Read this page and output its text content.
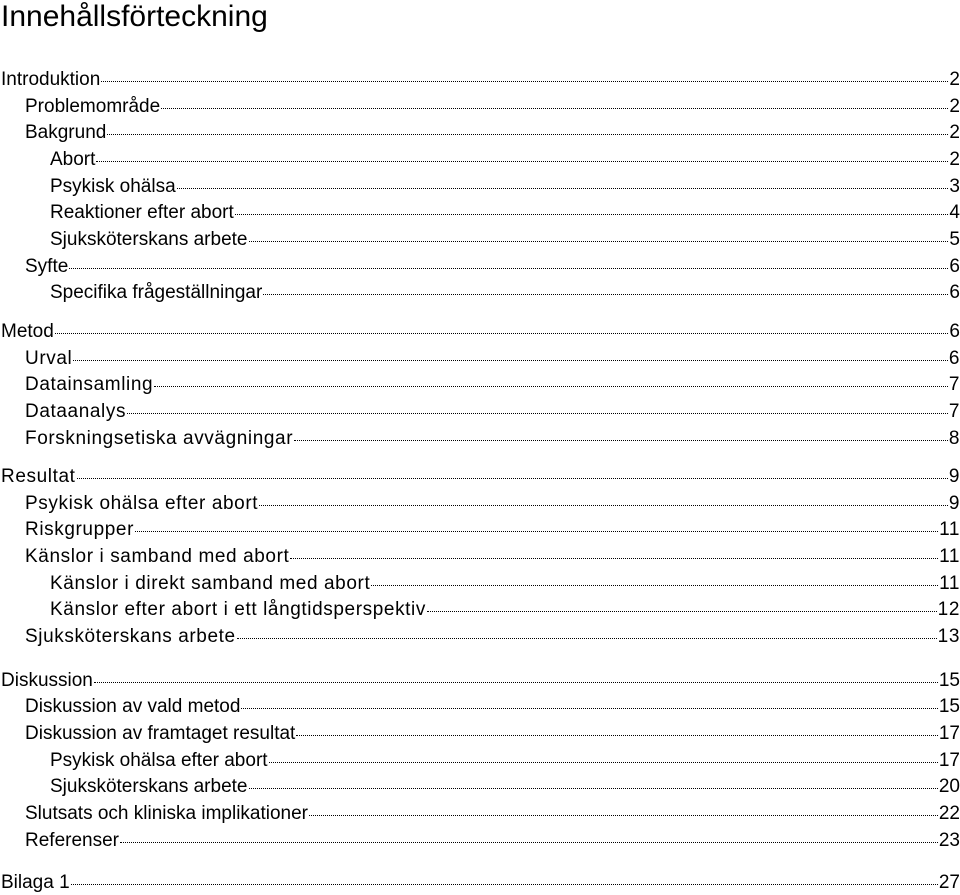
Innehållsförteckning
Introduktion	2
Problemområde	2
Bakgrund	2
Abort	2
Psykisk ohälsa	3
Reaktioner efter abort	4
Sjuksköterskans arbete	5
Syfte	6
Specifika frågeställningar	6
Metod	6
Urval	6
Datainsamling	7
Dataanalys	7
Forskningsetiska avvägningar	8
Resultat	9
Psykisk ohälsa efter abort	9
Riskgrupper	11
Känslor i samband med abort	11
Känslor i direkt samband med abort	11
Känslor efter abort i ett långtidsperspektiv	12
Sjuksköterskans arbete	13
Diskussion	15
Diskussion av vald metod	15
Diskussion av framtaget resultat	17
Psykisk ohälsa efter abort	17
Sjuksköterskans arbete	20
Slutsats och kliniska implikationer	22
Referenser	23
Bilaga 1	27
